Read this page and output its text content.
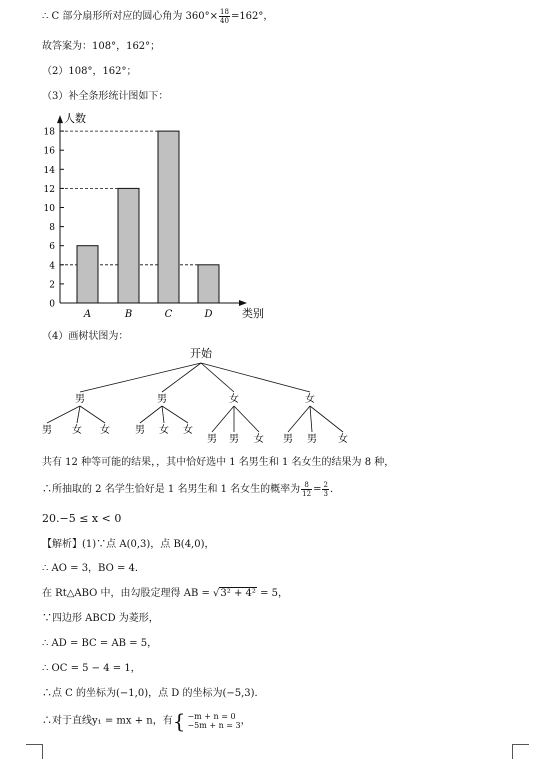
∴ C 部分扇形所对应的圆心角为 $360^\circ\times \frac{18}{40} =162^\circ$，
故答案为：108°，162°；
（2）108°，162°；
（3）补全条形统计图如下：
人数
类别
0
2
4
6
8
10
12
14
16
18
A	B	C	D
（4）画树状图为：
开始
男
男 女 女
男
男 女 女
女
男 男 女
女
男 男 女
共有 12 种等可能的结果，，其中恰好选中 1 名男生和 1 名女生的结果为 8 种，
∴所抽取的 2 名学生恰好是 1 名男生和 1 名女生的概率为 $\frac{8}{12} = \frac{2}{3}$ ．
20.−5 ≤ x < 0
【解析】(1)∵点 A(0,3)，点 B(4,0)，
∴ AO = 3，BO = 4．
在 Rt△ABO 中，由勾股定理得 AB = √3² + 4² = 5，
∵四边形 ABCD 为菱形，
∴ AD = BC = AB = 5，
∴ OC = 5 − 4 = 1，
∴点 C 的坐标为(−1,0)，点 D 的坐标为(−5,3)．
∴对于直线y₁ = mx + n，有{ −m + n = 0
−5m + n = 3 ，
